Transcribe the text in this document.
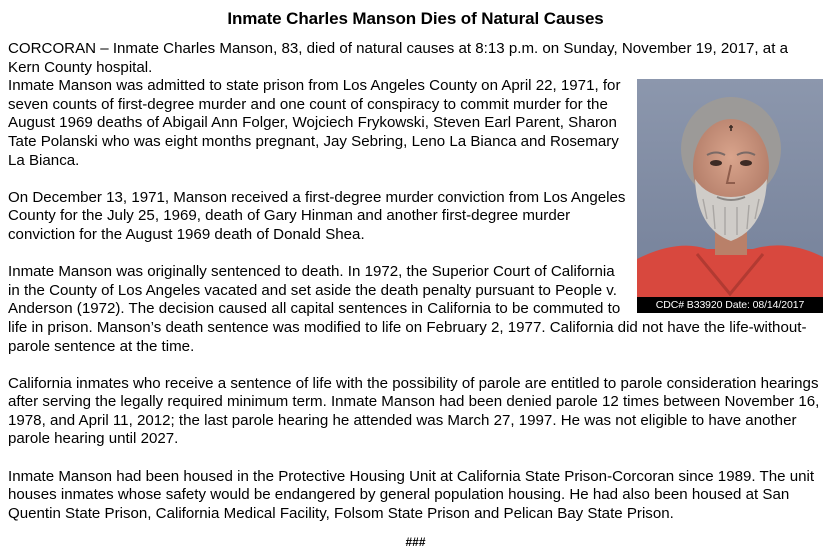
Inmate Charles Manson Dies of Natural Causes

CORCORAN – Inmate Charles Manson, 83, died of natural causes at 8:13 p.m. on Sunday, November 19, 2017, at a Kern County hospital.

CDC# B33920 Date: 08/14/2017

Inmate Manson was admitted to state prison from Los Angeles County on April 22, 1971, for seven counts of first-degree murder and one count of conspiracy to commit murder for the August 1969 deaths of Abigail Ann Folger, Wojciech Frykowski, Steven Earl Parent, Sharon Tate Polanski who was eight months pregnant, Jay Sebring, Leno La Bianca and Rosemary La Bianca.

On December 13, 1971, Manson received a first-degree murder conviction from Los Angeles County for the July 25, 1969, death of Gary Hinman and another first-degree murder conviction for the August 1969 death of Donald Shea.

Inmate Manson was originally sentenced to death. In 1972, the Superior Court of California in the County of Los Angeles vacated and set aside the death penalty pursuant to People v. Anderson (1972). The decision caused all capital sentences in California to be commuted to life in prison. Manson’s death sentence was modified to life on February 2, 1977. California did not have the life-without-parole sentence at the time.

California inmates who receive a sentence of life with the possibility of parole are entitled to parole consideration hearings after serving the legally required minimum term. Inmate Manson had been denied parole 12 times between November 16, 1978, and April 11, 2012; the last parole hearing he attended was March 27, 1997. He was not eligible to have another parole hearing until 2027.

Inmate Manson had been housed in the Protective Housing Unit at California State Prison-Corcoran since 1989. The unit houses inmates whose safety would be endangered by general population housing. He had also been housed at San Quentin State Prison, California Medical Facility, Folsom State Prison and Pelican Bay State Prison.

###
